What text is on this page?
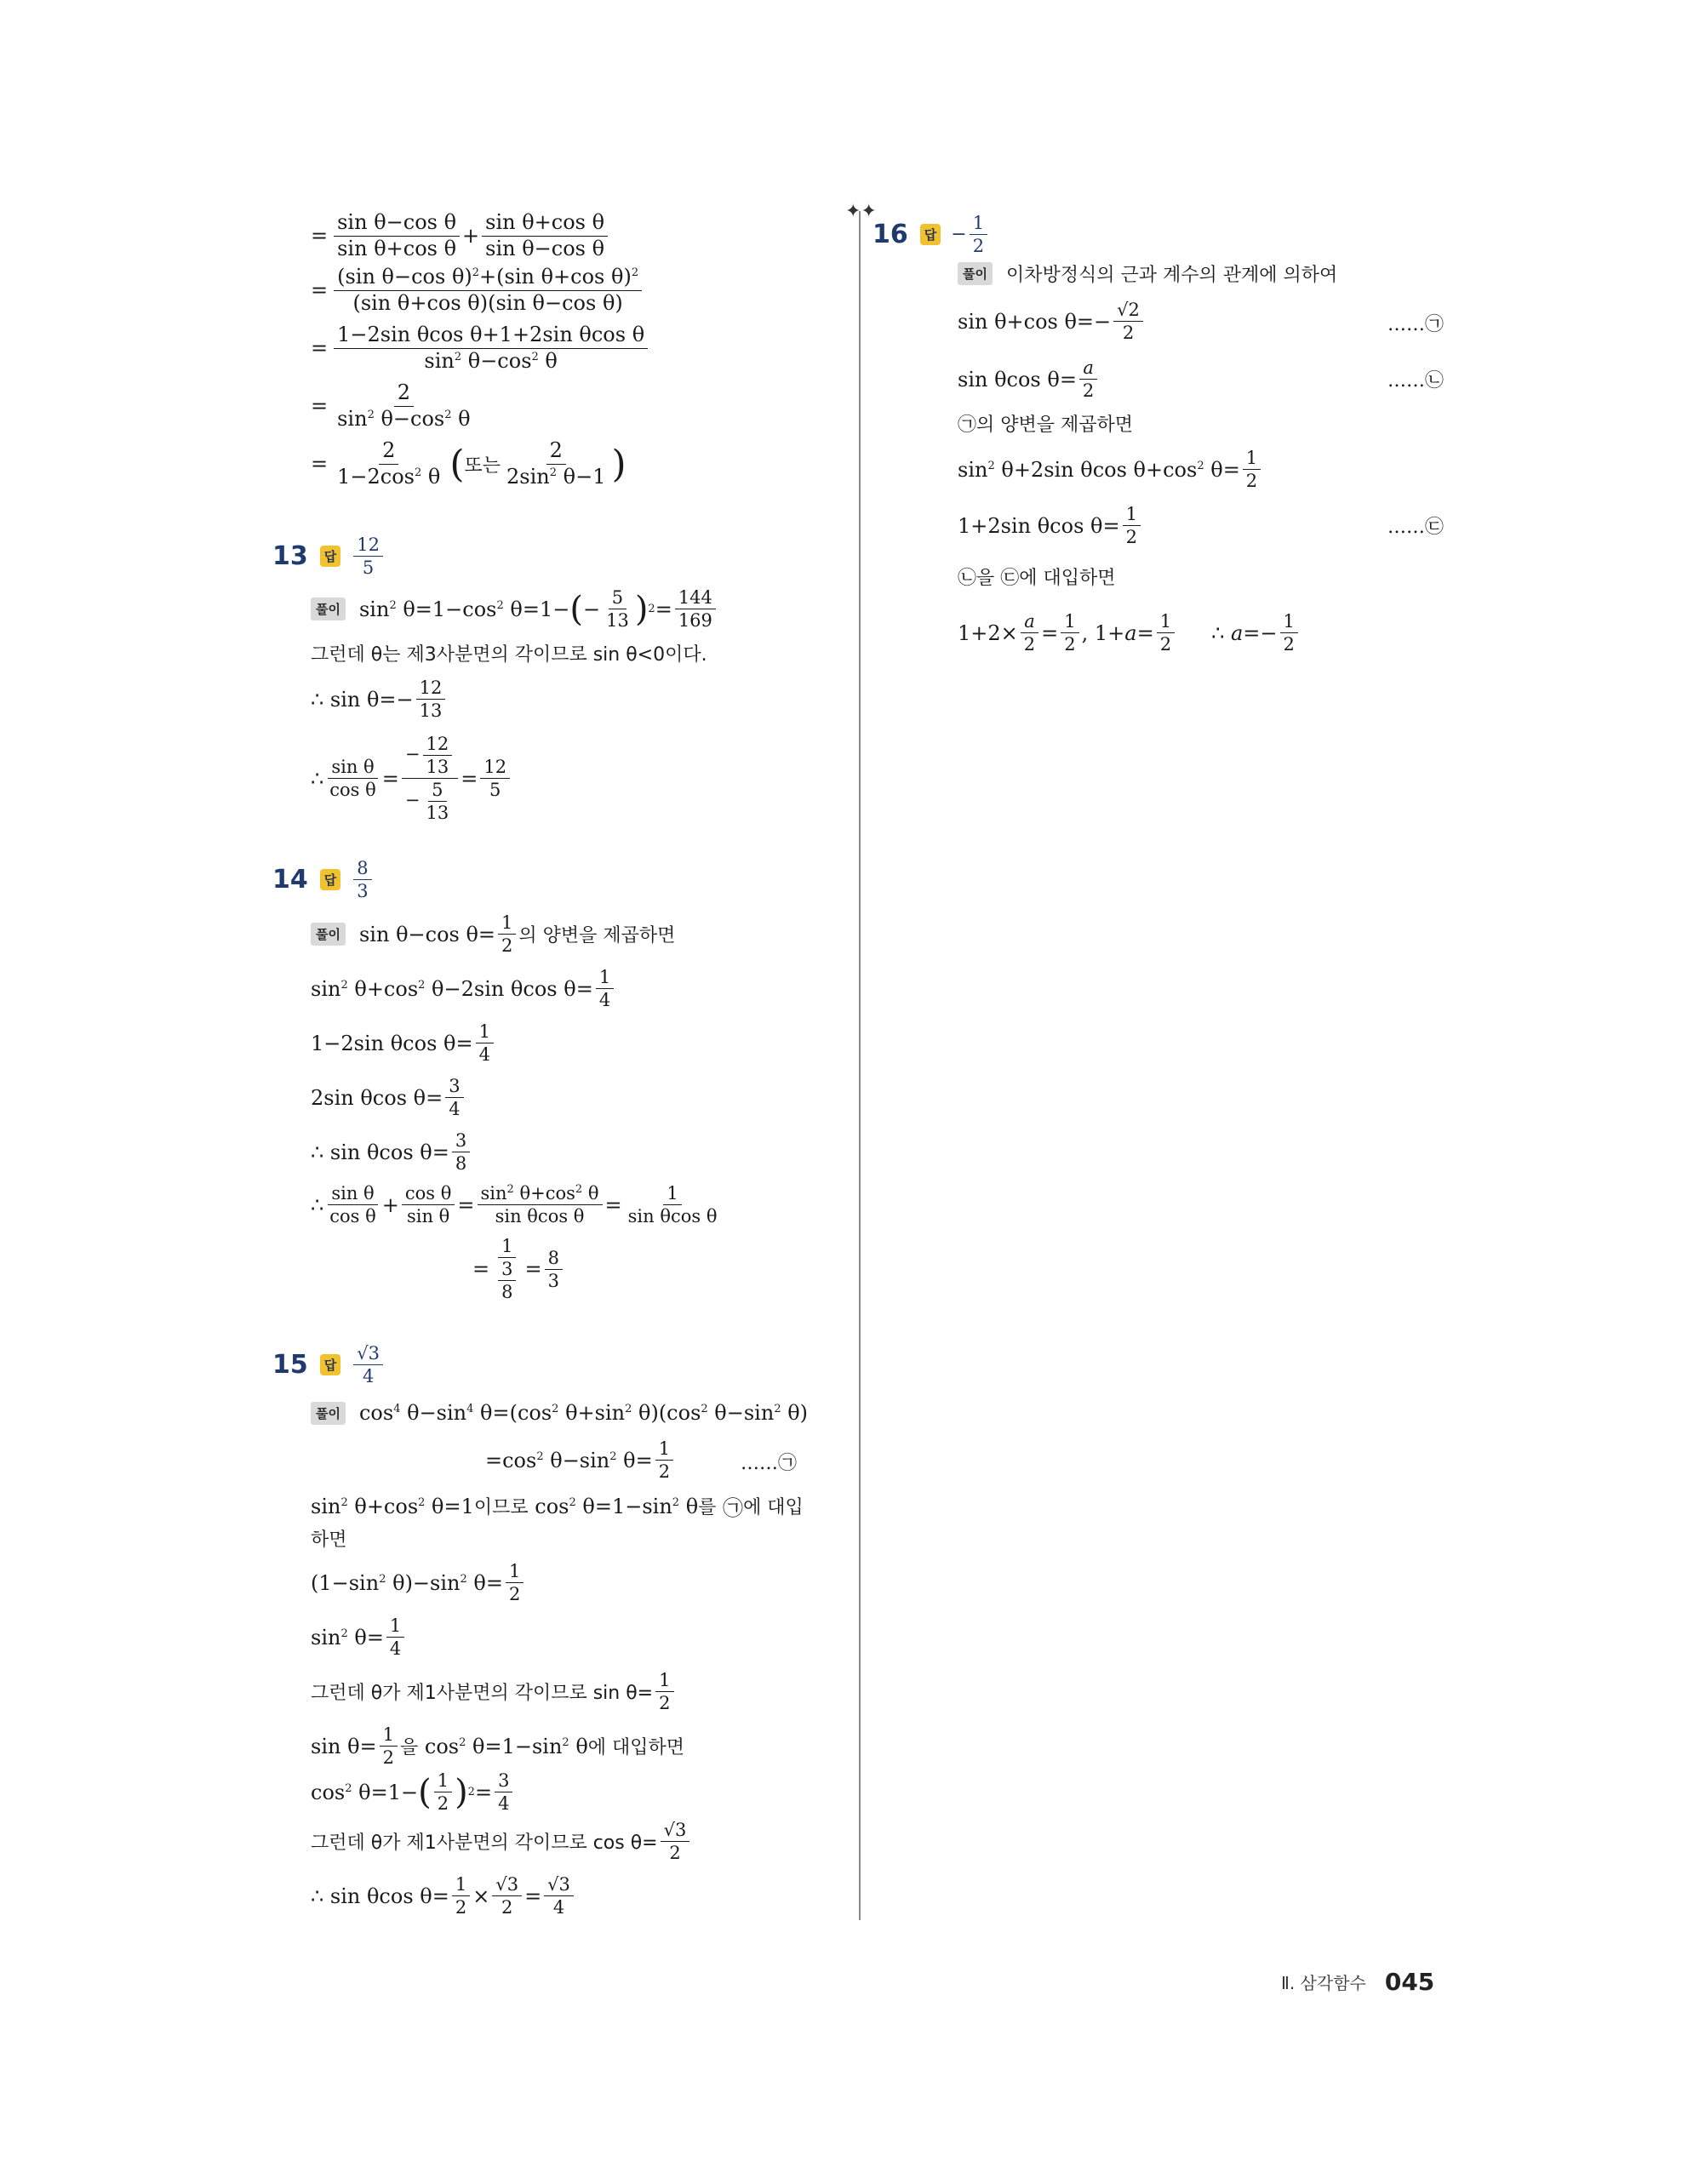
✦✦
= $\frac{\text{sin θ−cos θ}}{\text{sin θ+cos θ}} + \frac{\text{sin θ+cos θ}}{\text{sin θ−cos θ}}$
= $\frac{(\sin \theta-\cos \theta)^2+(\sin \theta+\cos \theta)^2}{\text{(sin θ+cos θ)(sin θ−cos θ)}}$
= $\frac{\text{1−2sin θcos θ+1+2sin θcos θ}}{\sin^2 \theta-\cos^2 \theta}$
= $\frac{2}{\sin^2 \theta-\cos^2 \theta}$
= $\frac{2}{1-2\cos^2 \theta}$ ( 또는 $\frac{2}{2\sin^2 \theta-1}$ )
13	답 $\frac{12}{5}$
풀이 $\sin^2 \theta=1-\cos^2$ θ=1− ( − $\frac{5}{13}$ ) $2 = \frac{144}{169}$
그런데 θ는 제3사분면의 각이므로 sin θ<0이다.
∴ $\sin \theta=- \frac{12}{13}$
∴ $\frac{\text{sin θ}}{\text{cos θ}} = \frac{- \frac{12}{13}}{- \frac{5}{13}} = \frac{12}{5}$
14	답 $\frac{8}{3}$
풀이 sin θ−cos $\theta= \frac{1}{2}$ 의 양변을 제곱하면
$\sin^2 \theta+\cos^2$ θ−2sin θcos $\theta= \frac{1}{4}$
1−2sin θcos $\theta= \frac{1}{4}$
2sin θcos $\theta= \frac{3}{4}$
∴ sin θcos $\theta= \frac{3}{8}$
∴ $\frac{\text{sin θ}}{\text{cos θ}} + \frac{\text{cos θ}}{\text{sin θ}} = \frac{\sin^2 \theta+\cos^2 \theta}{\text{sin θcos θ}} = \frac{1}{\text{sin θcos θ}}$
= $\frac{1}{\frac{3}{8}} = \frac{8}{3}$
15	답 $\frac{√3}{4}$
풀이 $\cos^4 \theta-\sin^4$ $\theta=(\cos^2$ $\theta+\sin^2$ $\theta)(\cos^2$ $\theta-\sin^2$ θ)
$=\cos^2$ $\theta-\sin^2$ $\theta= \frac{1}{2}$	……㉠
$\sin^2 \theta+\cos^2$ θ=1 이므로 $\cos^2 \theta=1-\sin^2$ θ 를 ㉠ 에 대입
하면
($1-\sin^2$ $\theta)-\sin^2$ $\theta= \frac{1}{2}$
$\sin^2 \theta= \frac{1}{4}$
그런데 θ가 제1사분면의 각이므로 $\sin \theta= \frac{1}{2}$
$\sin \theta= \frac{1}{2}$ 을 $\cos^2 \theta=1-\sin^2$ θ 에 대입하면
$\cos^2 \theta=1-$ ( $\frac{1}{2}$ ) $2 = \frac{3}{4}$
그런데 θ가 제1사분면의 각이므로 $\cos \theta= \frac{√3}{2}$
∴ sin θcos $\theta= \frac{1}{2} \times \frac{√3}{2} = \frac{√3}{4}$
16	답 − $\frac{1}{2}$
풀이 이차방정식의 근과 계수의 관계에 의하여
sin θ+cos $\theta=- \frac{√2}{2}$	……㉠
sin θcos $\theta= \frac{a}{2}$	……㉡
㉠의 양변을 제곱하면
$\sin^2 \theta+2\sin$ θcos $\theta+\cos^2$ $\theta= \frac{1}{2}$
1+2sin θcos $\theta= \frac{1}{2}$	……㉢
㉡을 ㉢에 대입하면
$1+2\times \frac{a}{2} = \frac{1}{2}$ , $1+a= \frac{1}{2}$ ∴ $a=- \frac{1}{2}$
Ⅱ. 삼각함수 045
